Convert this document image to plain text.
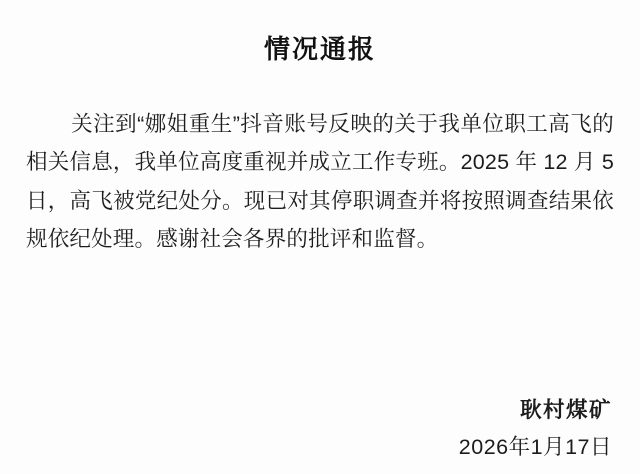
情况通报

关注到“娜姐重生”抖音账号反映的关于我单位职工高飞的相关信息，我单位高度重视并成立工作专班。2025 年 12 月 5 日，高飞被党纪处分。现已对其停职调查并将按照调查结果依规依纪处理。感谢社会各界的批评和监督。

耿村煤矿
2026年1月17日
